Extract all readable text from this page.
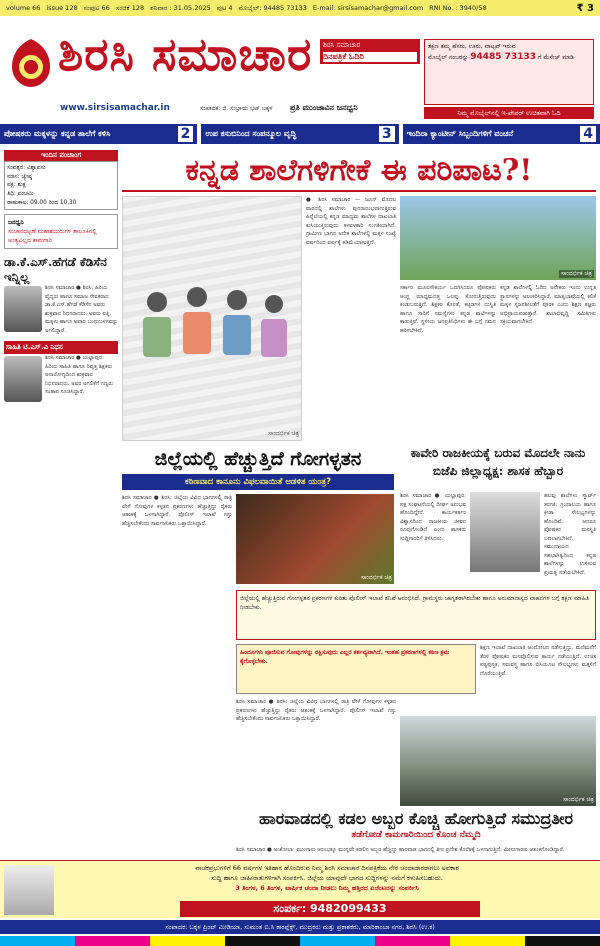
volume 66 issue 128 ಸಂಪುಟ 66 ಸಂಚಿಕೆ 128 ಶನಿವಾರ : 31.05.2025 ಪುಟ 4 ಮೊಬೈಲ್: 94485 73133 E-mail: sirsisamachar@gmail.com RNI No. : 3940/58	₹ 3
ಶಿರಸಿ ಸಮಾಚಾರ ಶಿರಸಿ ಸಮಾಚಾರ
ದಿನಪತ್ರಿಕೆ ಓದಿರಿ
ತಕ್ಷಣ ತಮ್ಮ ಹೆಸರು, ಊರು, ವಾಟ್ಸಪ್ ಇರುವ
ಮೊಬೈಲ್ ನಂಬರನ್ನು 94485 73133 ಗೆ ಮೆಸೇಜ್ ಮಾಡಿ
ನಿಮ್ಮ ಮೊಬೈಲ್‌ನಲ್ಲಿ ಇ-ಪೇಪರ್ ಉಚಿತವಾಗಿ ಓದಿ
www.sirsisamachar.in	ಸಂಪಾದಕ: ಜಿ. ಸುಬ್ರಾಯ ಭಟ್ ಬಕ್ಕಳ ಪ್ರತಿ ಮುಂಜಾವಿನ ಜನಧ್ವನಿ
ಪೋಷಕರು ಮಕ್ಕಳನ್ನು ಕನ್ನಡ ಶಾಲೆಗೆ ಕಳಿಸಿ	2	ಉಪ ಕಸುಬಿನಿಂದ ಸಂಪನ್ಮೂಲ ವೃದ್ಧಿ	3	ಇಂದಿರಾ ಕ್ಯಾಂಟೀನ್ ಸಿಬ್ಬಂದಿಗಳಿಗೆ ವಂಚನೆ	4
ಇಂದಿನ ಪಂಚಾಂಗ
ಸಂವತ್ಸರ: ವಿಶ್ವಾವಸು
ಮಾಸ: ಜ್ಯೇಷ್ಠ
ಪಕ್ಷ: ಶುಕ್ಲ
ತಿಥಿ: ಪಂಚಮಿ
ರಾಹುಕಾಲ: 09.00 ರಿಂದ 10.30
ಜನಧ್ವನಿ
ಸಂಚಾರದಟ್ಟಣೆ ಮಹಾಶಯರುಗಳ ತಾಲೂಕಿನಲ್ಲಿ ಅಂತ್ಯವಿಲ್ಲದ ಕಾಮಗಾರಿ
ಡಾ.ಕೆ.ಎಸ್.ಹೆಗಡೆ ಕೆಡಿಸೆನ ಇನ್ನಿಲ್ಲ
ಶಿರಸಿ ಸಮಾಚಾರ ● ಶಿರಸಿ: ಹಿರಿಯ ವೈದ್ಯರು ಹಾಗೂ ಸಮಾಜ ಸೇವಕರಾದ ಡಾ.ಕೆ.ಎಸ್.ಹೆಗಡೆ ಕೆಡಿಸೆನ ಅವರು ಶುಕ್ರವಾರ ನಿಧನರಾದರು. ಅವರು ಪತ್ನಿ, ಮಕ್ಕಳು ಹಾಗೂ ಅಪಾರ ಬಂಧುಬಳಗವನ್ನು ಅಗಲಿದ್ದಾರೆ.
ಸಾಹಿತಿ ಟಿ.ಎಸ್.ವಿ ನಿಧನ
ಶಿರಸಿ ಸಮಾಚಾರ ● ಯಲ್ಲಾಪುರ: ಹಿರಿಯ ಸಾಹಿತಿ ಹಾಗೂ ನಿವೃತ್ತ ಶಿಕ್ಷಕರು ಅನಾರೋಗ್ಯದಿಂದ ಶುಕ್ರವಾರ ನಿಧನರಾದರು. ಅವರ ಅಗಲಿಕೆಗೆ ಗಣ್ಯರು ಸಂತಾಪ ಸೂಚಿಸಿದ್ದಾರೆ.
ಕನ್ನಡ ಶಾಲೆಗಳಿಗೇಕೆ ಈ ಪರಿಪಾಟ?!
ಸಾಂದರ್ಭಿಕ ಚಿತ್ರ
● ಶಿರಸಿ ಸಮಾಚಾರ — ಜೂನ್ ಮೊದಲ ವಾರದಲ್ಲಿ ಶಾಲೆಗಳು ಪುನರಾರಂಭವಾಗುತ್ತಿರುವ ಹಿನ್ನೆಲೆಯಲ್ಲಿ ಕನ್ನಡ ಮಾಧ್ಯಮ ಶಾಲೆಗಳ ದಾಖಲಾತಿ ಕುಸಿಯುತ್ತಿರುವುದು ಕಳವಳಕಾರಿ ಸಂಗತಿಯಾಗಿದೆ. ಗ್ರಾಮೀಣ ಭಾಗದ ಅನೇಕ ಶಾಲೆಗಳಲ್ಲಿ ಮಕ್ಕಳ ಸಂಖ್ಯೆ ವರ್ಷದಿಂದ ವರ್ಷಕ್ಕೆ ಕಡಿಮೆಯಾಗುತ್ತಿದೆ.
ಸಾಂದರ್ಭಿಕ ಚಿತ್ರ
ಸರ್ಕಾರ ಮೂಲಸೌಕರ್ಯ ಒದಗಿಸಿದರೂ ಪೋಷಕರು ಆಂಗ್ಲ ಮಾಧ್ಯಮದತ್ತ ಒಲವು ತೋರುತ್ತಿರುವುದು ಕಂಡುಬರುತ್ತಿದೆ. ಶಿಕ್ಷಕರ ಕೊರತೆ, ಕಟ್ಟಡಗಳ ದುಸ್ಥಿತಿ ಹಾಗೂ ಸಾರಿಗೆ ಸಮಸ್ಯೆಗಳು ಕನ್ನಡ ಶಾಲೆಗಳನ್ನು ಕಾಡುತ್ತಿವೆ. ಸ್ಥಳೀಯ ಜನಪ್ರತಿನಿಧಿಗಳು ಈ ಬಗ್ಗೆ ಗಮನ ಹರಿಸಬೇಕಿದೆ.
ಕನ್ನಡ ಶಾಲೆಗಳಲ್ಲಿ ಓದಿದ ಅನೇಕರು ಇಂದು ಉನ್ನತ ಸ್ಥಾನಗಳನ್ನು ಅಲಂಕರಿಸಿದ್ದಾರೆ. ಮಾತೃಭಾಷೆಯಲ್ಲಿ ಕಲಿಕೆ ಮಕ್ಕಳ ಸೃಜನಶೀಲತೆಗೆ ಪೂರಕ ಎಂದು ಶಿಕ್ಷಣ ತಜ್ಞರು ಅಭಿಪ್ರಾಯಪಡುತ್ತಾರೆ. ಶಾಲಾಭಿವೃದ್ಧಿ ಸಮಿತಿಗಳು ಸಕ್ರಿಯವಾಗಬೇಕಿದೆ.
ಜಿಲ್ಲೆಯಲ್ಲಿ ಹೆಚ್ಚುತ್ತಿದೆ ಗೋಗಳ್ಳತನ
ಕಠಿಣವಾದ ಕಾನೂನು ವಿಫಲವಾಯಿತೆ ಆಡಳಿತ ಯಂತ್ರ?
ಶಿರಸಿ ಸಮಾಚಾರ ● ಶಿರಸಿ: ಜಿಲ್ಲೆಯ ವಿವಿಧ ಭಾಗಗಳಲ್ಲಿ ರಾತ್ರಿ ವೇಳೆ ಗೋವುಗಳ ಕಳ್ಳತನ ಪ್ರಕರಣಗಳು ಹೆಚ್ಚುತ್ತಿದ್ದು ರೈತರು ಆತಂಕಕ್ಕೆ ಒಳಗಾಗಿದ್ದಾರೆ. ಪೊಲೀಸ್ ಇಲಾಖೆ ಗಸ್ತು ಹೆಚ್ಚಿಸಬೇಕೆಂದು ಸಾರ್ವಜನಿಕರು ಒತ್ತಾಯಿಸಿದ್ದಾರೆ.
ಸಾಂದರ್ಭಿಕ ಚಿತ್ರ
ಕಾವೇರಿ ರಾಜಕೀಯಕ್ಕೆ ಬರುವ ಮೊದಲೇ ನಾನು ಬಿಜೆಪಿ ಜಿಲ್ಲಾಧ್ಯಕ್ಷ: ಶಾಸಕ ಹೆಬ್ಬಾರ
ಶಿರಸಿ ಸಮಾಚಾರ ● ಯಲ್ಲಾಪುರ: ಪಕ್ಷ ಸಂಘಟನೆಯಲ್ಲಿ ದೀರ್ಘ ಅನುಭವ ಹೊಂದಿದ್ದೇನೆ. ಕಾರ್ಯಕರ್ತರ ವಿಶ್ವಾಸದಿಂದ ರಾಜಕೀಯ ಜೀವನ ರೂಪುಗೊಂಡಿದೆ ಎಂದು ಶಾಸಕರು ಸುದ್ದಿಗಾರರಿಗೆ ತಿಳಿಸಿದರು.
ಹಲವು ಶಾಲೆಗಳು ಸ್ಮಾರ್ಟ್ ತರಗತಿ, ಗ್ರಂಥಾಲಯ ಹಾಗೂ ಕ್ರೀಡಾ ಸೌಲಭ್ಯಗಳನ್ನು ಹೊಂದಿವೆ. ಆದರೂ ಪೋಷಕರ ಮನಸ್ಥಿತಿ ಬದಲಾಗಬೇಕಿದೆ. ಸಮುದಾಯದ ಸಹಭಾಗಿತ್ವದಿಂದ ಕನ್ನಡ ಶಾಲೆಗಳನ್ನು ಉಳಿಸುವ ಪ್ರಯತ್ನ ನಡೆಯಬೇಕಿದೆ.
ಜಿಲ್ಲೆಯಲ್ಲಿ ಹೆಚ್ಚುತ್ತಿರುವ ಗೋಗಳ್ಳತನ ಪ್ರಕರಣಗಳ ಕುರಿತು ಪೊಲೀಸ್ ಇಲಾಖೆ ತನಿಖೆ ಆರಂಭಿಸಿದೆ. ಗ್ರಾಮಸ್ಥರು ಜಾಗೃತರಾಗಿರಬೇಕು ಹಾಗೂ ಅನುಮಾನಾಸ್ಪದ ವಾಹನಗಳ ಬಗ್ಗೆ ತಕ್ಷಣ ಮಾಹಿತಿ ನೀಡಬೇಕು.
ಹಿಂದೂಗಳು ಪೂಜಿಸುವ ಗೋವುಗಳನ್ನು ರಕ್ಷಿಸುವುದು ಎಲ್ಲರ ಕರ್ತವ್ಯವಾಗಿದೆ. ಇಂತಹ ಪ್ರಕರಣಗಳಲ್ಲಿ ಕಠಿಣ ಕ್ರಮ ಕೈಗೊಳ್ಳಬೇಕು.
ಶಿಕ್ಷಣ ಇಲಾಖೆ ದಾಖಲಾತಿ ಆಂದೋಲನ ನಡೆಸುತ್ತಿದ್ದು, ಮನೆಮನೆಗೆ ತೆರಳಿ ಪೋಷಕರ ಮನವೊಲಿಸುವ ಕಾರ್ಯ ನಡೆಯುತ್ತಿದೆ. ಉಚಿತ ಪಠ್ಯಪುಸ್ತಕ, ಸಮವಸ್ತ್ರ ಹಾಗೂ ಬಿಸಿಯೂಟ ಸೌಲಭ್ಯಗಳು ಮಕ್ಕಳಿಗೆ ದೊರೆಯುತ್ತಿವೆ.
ಶಿರಸಿ ಸಮಾಚಾರ ● ಶಿರಸಿ: ಜಿಲ್ಲೆಯ ವಿವಿಧ ಭಾಗಗಳಲ್ಲಿ ರಾತ್ರಿ ವೇಳೆ ಗೋವುಗಳ ಕಳ್ಳತನ ಪ್ರಕರಣಗಳು ಹೆಚ್ಚುತ್ತಿದ್ದು ರೈತರು ಆತಂಕಕ್ಕೆ ಒಳಗಾಗಿದ್ದಾರೆ. ಪೊಲೀಸ್ ಇಲಾಖೆ ಗಸ್ತು ಹೆಚ್ಚಿಸಬೇಕೆಂದು ಸಾರ್ವಜನಿಕರು ಒತ್ತಾಯಿಸಿದ್ದಾರೆ.
ಸಾಂದರ್ಭಿಕ ಚಿತ್ರ
ಹಾರವಾಡದಲ್ಲಿ ಕಡಲ ಅಬ್ಬರ ಕೊಚ್ಚಿ ಹೋಗುತ್ತಿದೆ ಸಮುದ್ರತೀರ
ತಡೆಗೋಡೆ ಕಾಮಗಾರಿಯಿಂದ ಕೊಂಚ ನೆಮ್ಮದಿ
ಶಿರಸಿ ಸಮಾಚಾರ ● ಅಂಕೋಲಾ: ಮುಂಗಾರು ಆರಂಭಕ್ಕೂ ಮುನ್ನವೇ ಕಡಲಿನ ಅಬ್ಬರ ಹೆಚ್ಚಿದ್ದು ಹಾರವಾಡ ಭಾಗದಲ್ಲಿ ತೀರ ಪ್ರದೇಶ ಕೊರೆತಕ್ಕೆ ಒಳಗಾಗುತ್ತಿದೆ. ಮೀನುಗಾರರು ಆತಂಕಗೊಂಡಿದ್ದಾರೆ.
ವಾಚಕಪ್ರಭುಗಳಿಗೆ 66 ವರ್ಷಗಳ ಇತಿಹಾಸ ಹೊಂದಿರುವ ನಿಮ್ಮ ಶಿರಸಿ ಸಮಾಚಾರ ದಿನಪತ್ರಿಕೆಯ ನೇರ ಚಂದಾದಾರರಾಗಲು ಅವಕಾಶ
ಸುದ್ದಿ ಹಾಗೂ ಜಾಹೀರಾತುಗಳಿಗಾಗಿ ಸಂಪರ್ಕಿಸಿ. ಜಿಲ್ಲೆಯ ಯಾವುದೇ ಭಾಗದ ಸುದ್ದಿಗಳನ್ನು ನಮಗೆ ಕಳುಹಿಸಬಹುದು.
3 ತಿಂಗಳ, 6 ತಿಂಗಳ, ವಾರ್ಷಿಕ ಚಂದಾ ನೀಡಲು ನಿಮ್ಮ ಹತ್ತಿರದ ಏಜೆಂಟರನ್ನು ಸಂಪರ್ಕಿಸಿ
ಸಂಪರ್ಕ: 9482099433
ಸಂಪಾದಕ: ಬಕ್ಕಳ ಪ್ರಿಂಟ್ ಮೀಡಿಯಾ, ಸುಮಂತ ಬಿ.ಸಿ ಕಾಂಪ್ಲೆಕ್ಸ್, ಮುದ್ರಕರು ಮತ್ತು ಪ್ರಕಾಶಕರು, ಮಾರಿಕಾಂಬಾ ನಗರ, ಶಿರಸಿ (ಉ.ಕ)
